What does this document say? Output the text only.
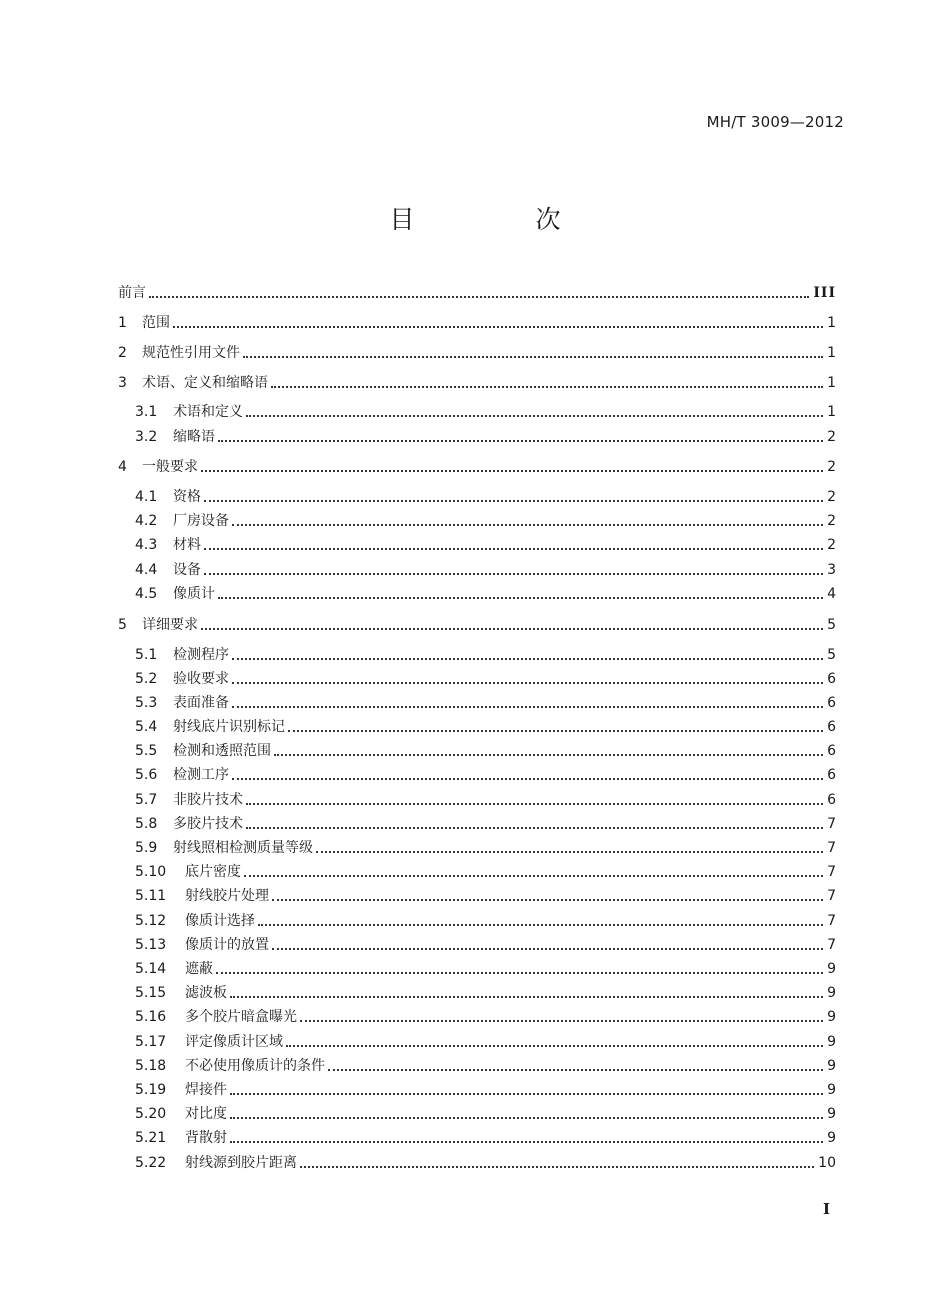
MH/T 3009—2012
目　次
前言	III
1	范围	1
2	规范性引用文件	1
3	术语、定义和缩略语	1
3.1	术语和定义	1
3.2	缩略语	2
4	一般要求	2
4.1	资格	2
4.2	厂房设备	2
4.3	材料	2
4.4	设备	3
4.5	像质计	4
5	详细要求	5
5.1	检测程序	5
5.2	验收要求	6
5.3	表面准备	6
5.4	射线底片识别标记	6
5.5	检测和透照范围	6
5.6	检测工序	6
5.7	非胶片技术	6
5.8	多胶片技术	7
5.9	射线照相检测质量等级	7
5.10	底片密度	7
5.11	射线胶片处理	7
5.12	像质计选择	7
5.13	像质计的放置	7
5.14	遮蔽	9
5.15	滤波板	9
5.16	多个胶片暗盒曝光	9
5.17	评定像质计区域	9
5.18	不必使用像质计的条件	9
5.19	焊接件	9
5.20	对比度	9
5.21	背散射	9
5.22	射线源到胶片距离	10
I
